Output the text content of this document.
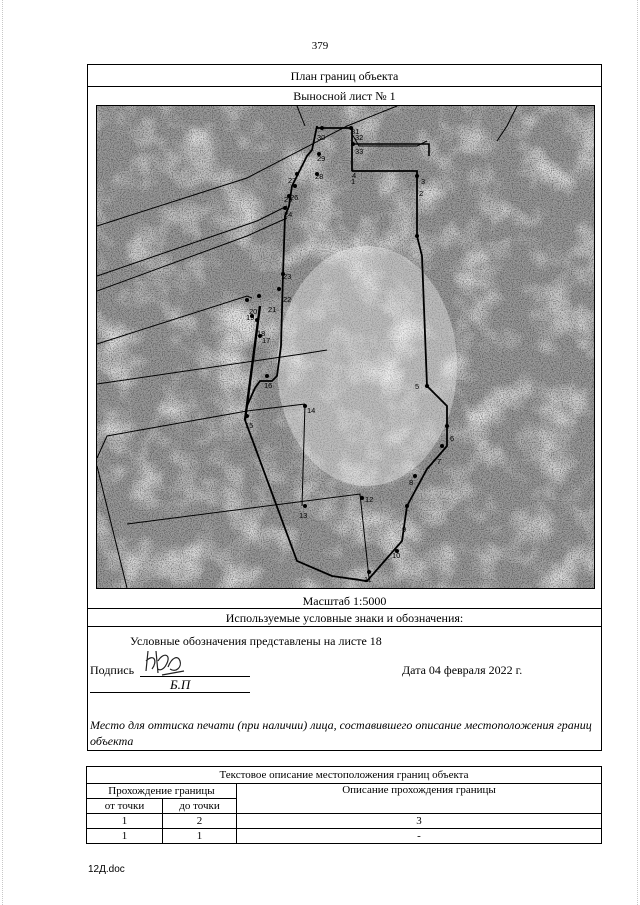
379
План границ объекта
Выносной лист № 1
1
2
3
4
5
6
7
8
9
10
11
12
13
14
15
16
17
18
19
20 21
22
23
24
25
26
27 28
29
30
31
32
33
Масштаб 1:5000
Используемые условные знаки и обозначения:
Условные обозначения представлены на листе 18
Подпись
Б.П
Дата 04 февраля 2022 г.
Место для оттиска печати (при наличии) лица, составившего описание местоположения границ объекта
Текстовое описание местоположения границ объекта		
Прохождение границы		Описание прохождения границы
от точки	до точки	
1	2	3
1	1	-
12Д.doc
